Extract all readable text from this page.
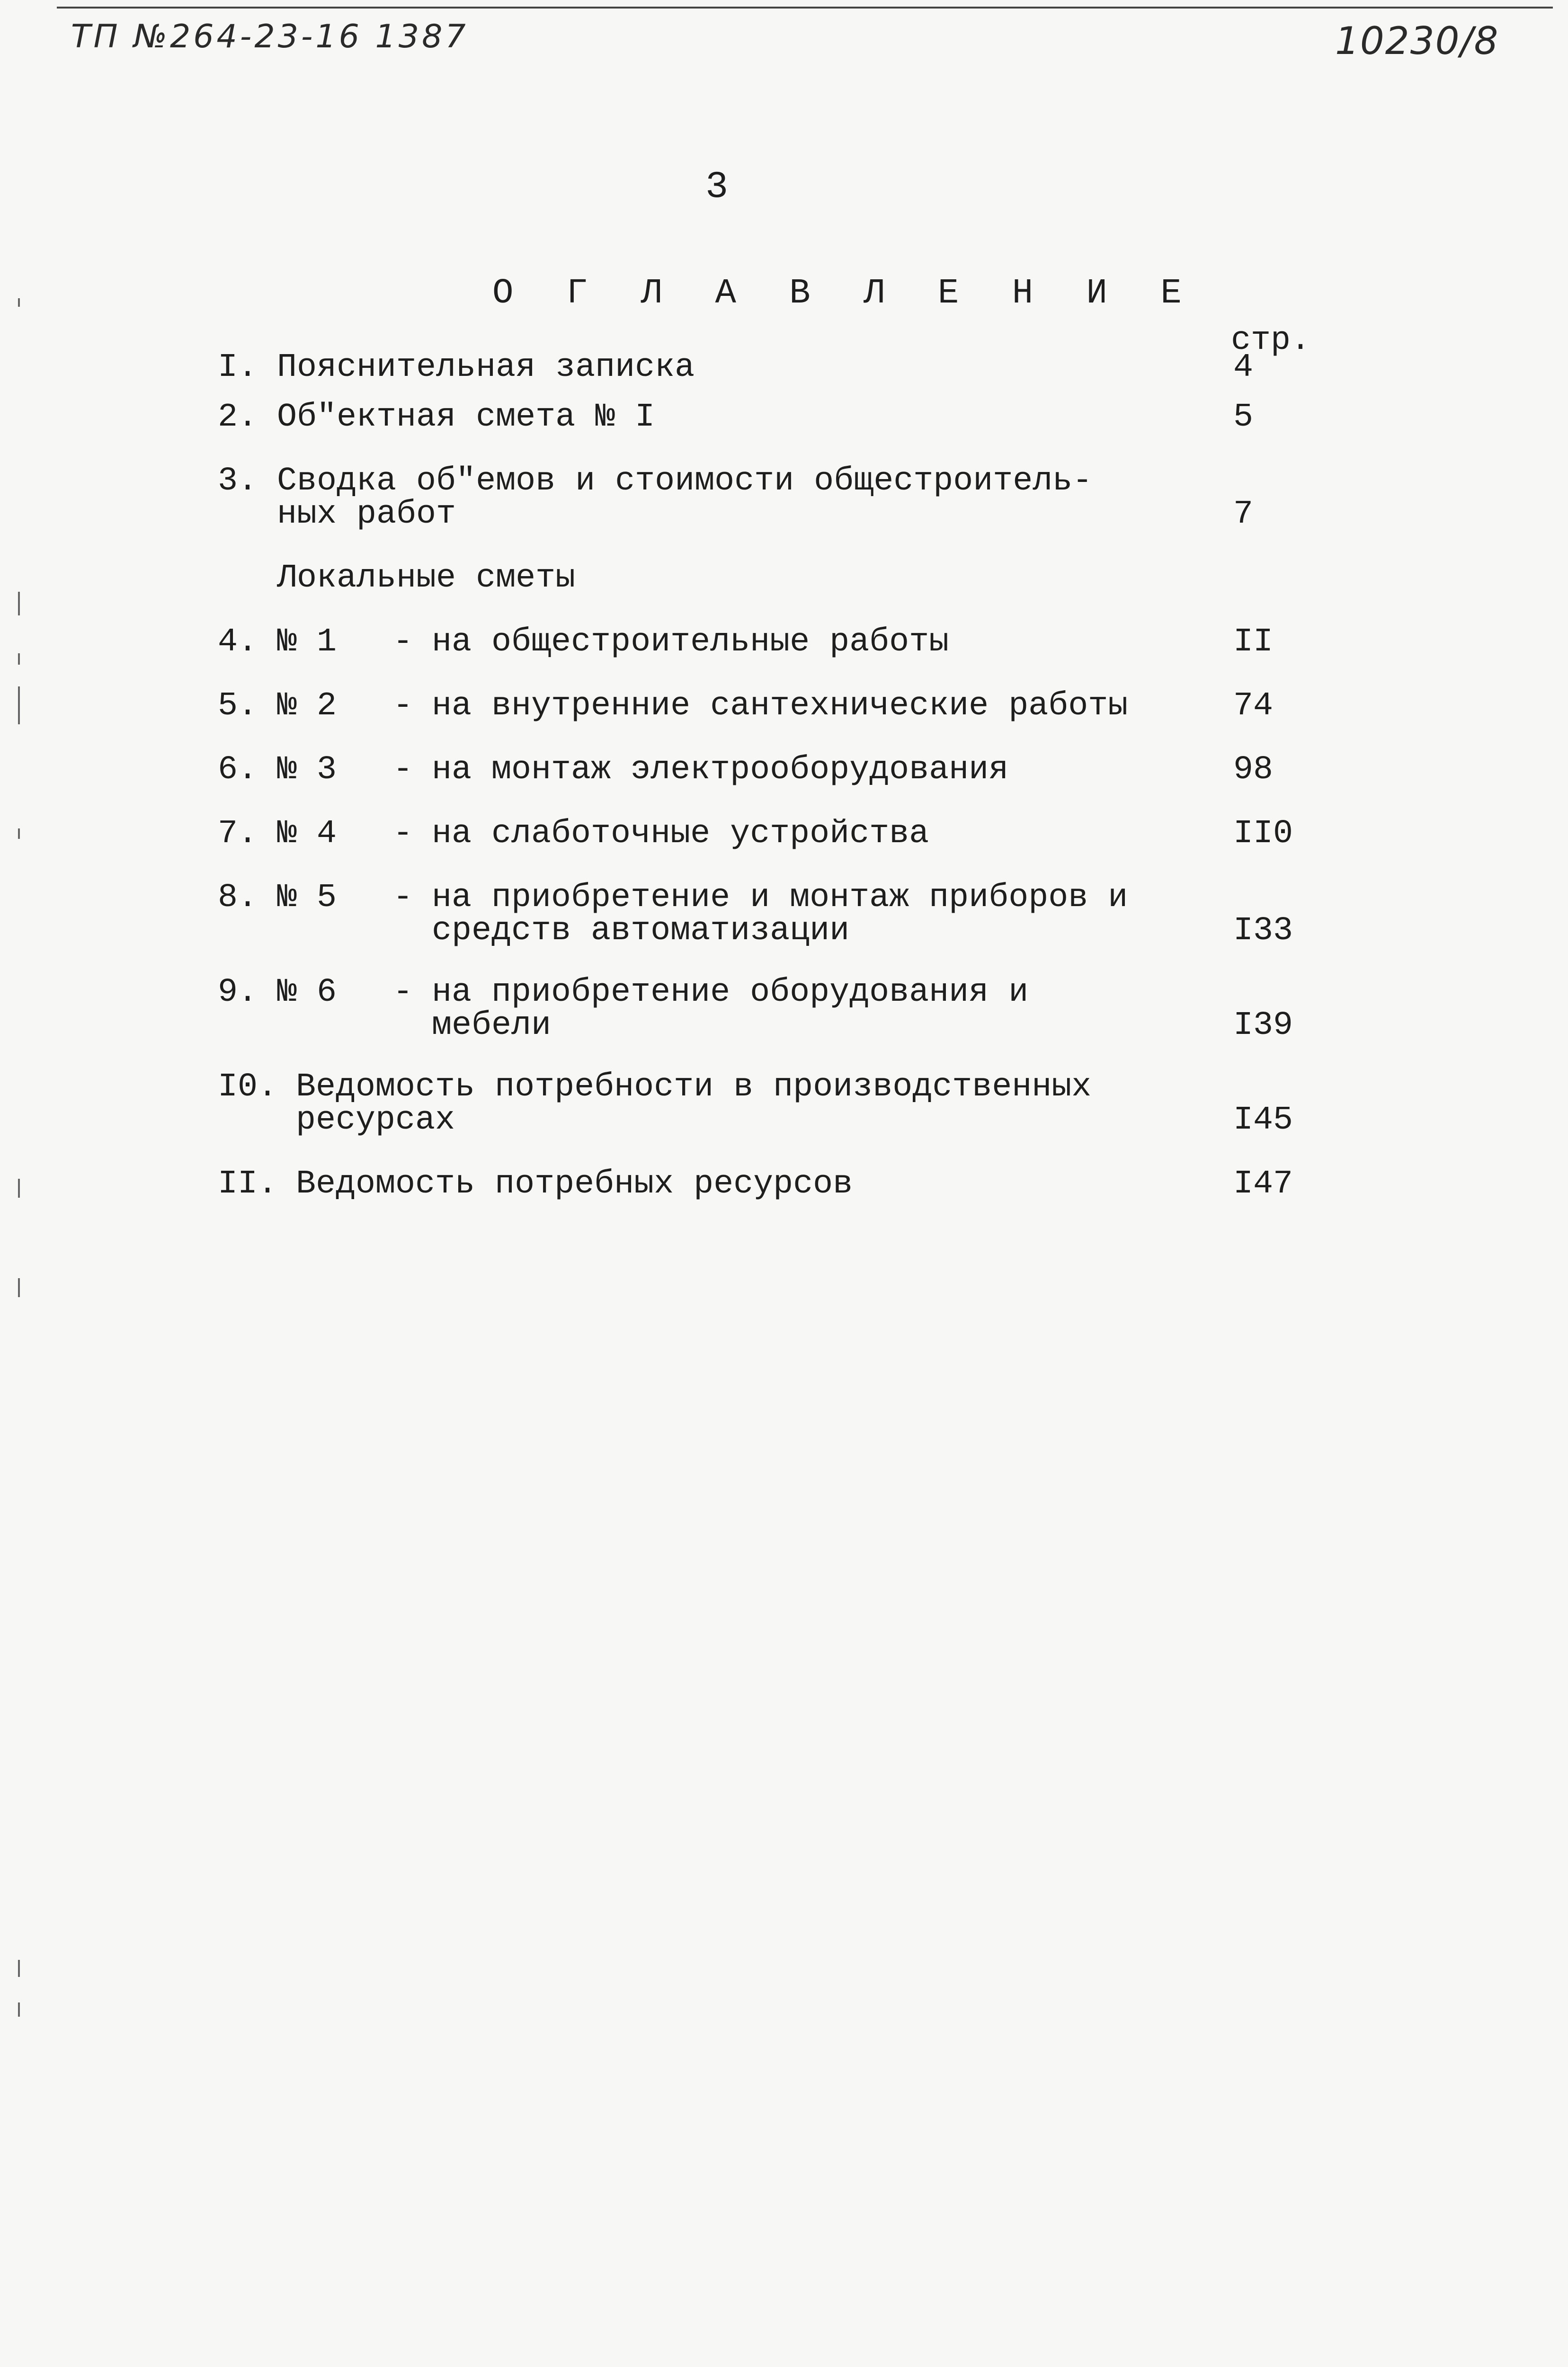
ТП №264-23-16 1387	10230/8
3
О Г Л А В Л Е Н И Е
стр.
I. Пояснительная записка	4
2. Об"ектная смета № I	5
3. Сводка об"емов и стоимости общестроитель-
ных работ	7
Локальные сметы
4. № 1 - на общестроительные работы	II
5. № 2 - на внутренние сантехнические работы	74
6. № 3 - на монтаж электрооборудования	98
7. № 4 - на слаботочные устройства	II0
8. № 5 - на приобретение и монтаж приборов и
средств автоматизации	I33
9. № 6 - на приобретение оборудования и
мебели	I39
I0. Ведомость потребности в производственных
ресурсах	I45
II. Ведомость потребных ресурсов	I47
